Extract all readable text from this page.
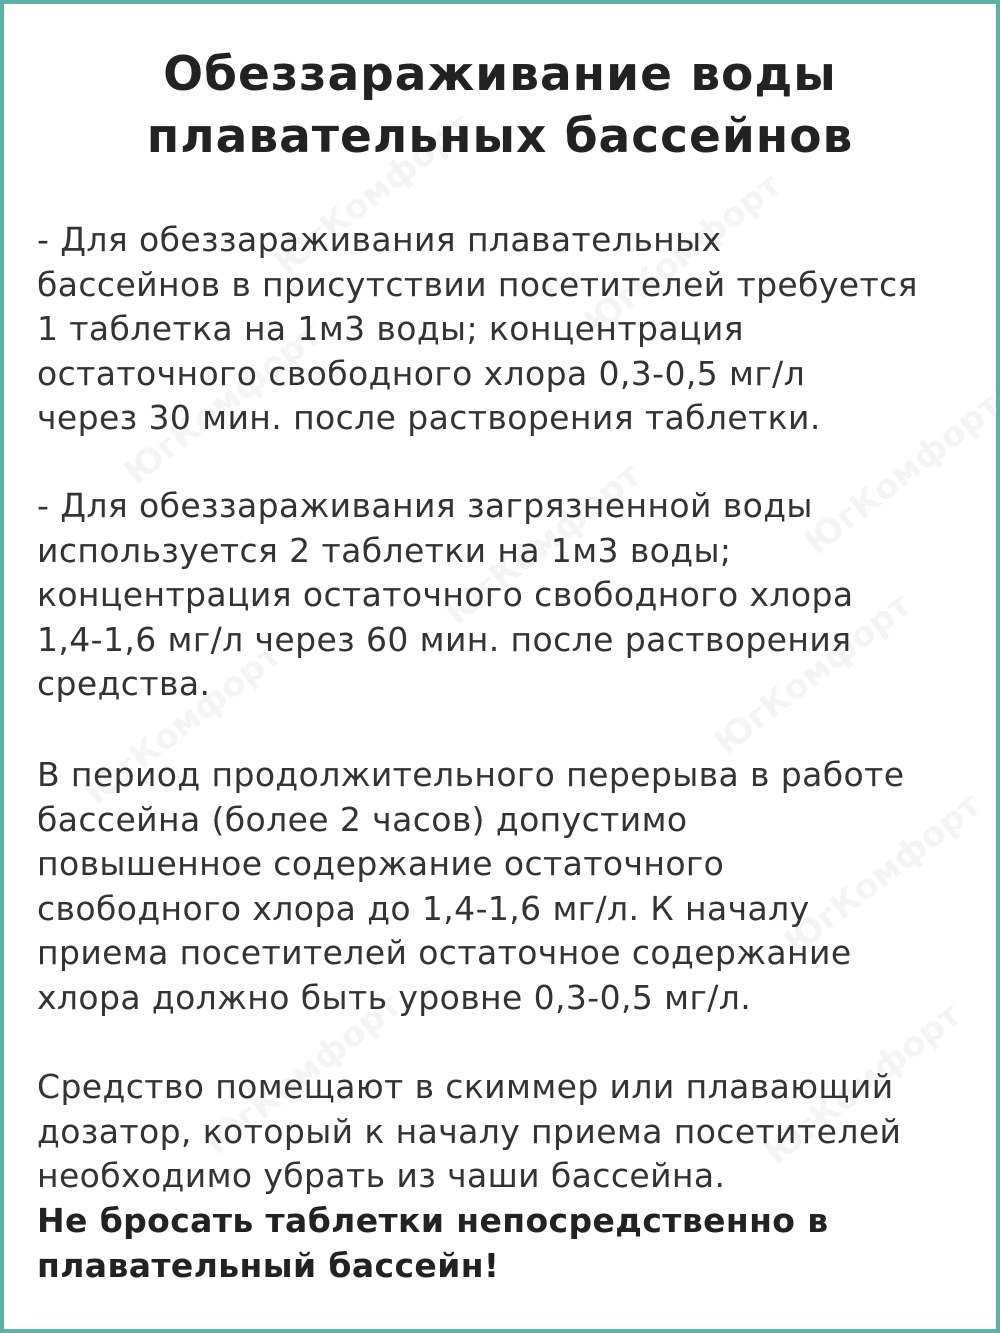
Обеззараживание воды
плавательных бассейнов
- Для обеззараживания плавательных
бассейнов в присутствии посетителей требуется
1 таблетка на 1м3 воды; концентрация
остаточного свободного хлора 0,3-0,5 мг/л
через 30 мин. после растворения таблетки.
- Для обеззараживания загрязненной воды
используется 2 таблетки на 1м3 воды;
концентрация остаточного свободного хлора
1,4-1,6 мг/л через 60 мин. после растворения
средства.
В период продолжительного перерыва в работе
бассейна (более 2 часов) допустимо
повышенное содержание остаточного
свободного хлора до 1,4-1,6 мг/л. К началу
приема посетителей остаточное содержание
хлора должно быть уровне 0,3-0,5 мг/л.
Средство помещают в скиммер или плавающий
дозатор, который к началу приема посетителей
необходимо убрать из чаши бассейна.
Не бросать таблетки непосредственно в
плавательный бассейн!
